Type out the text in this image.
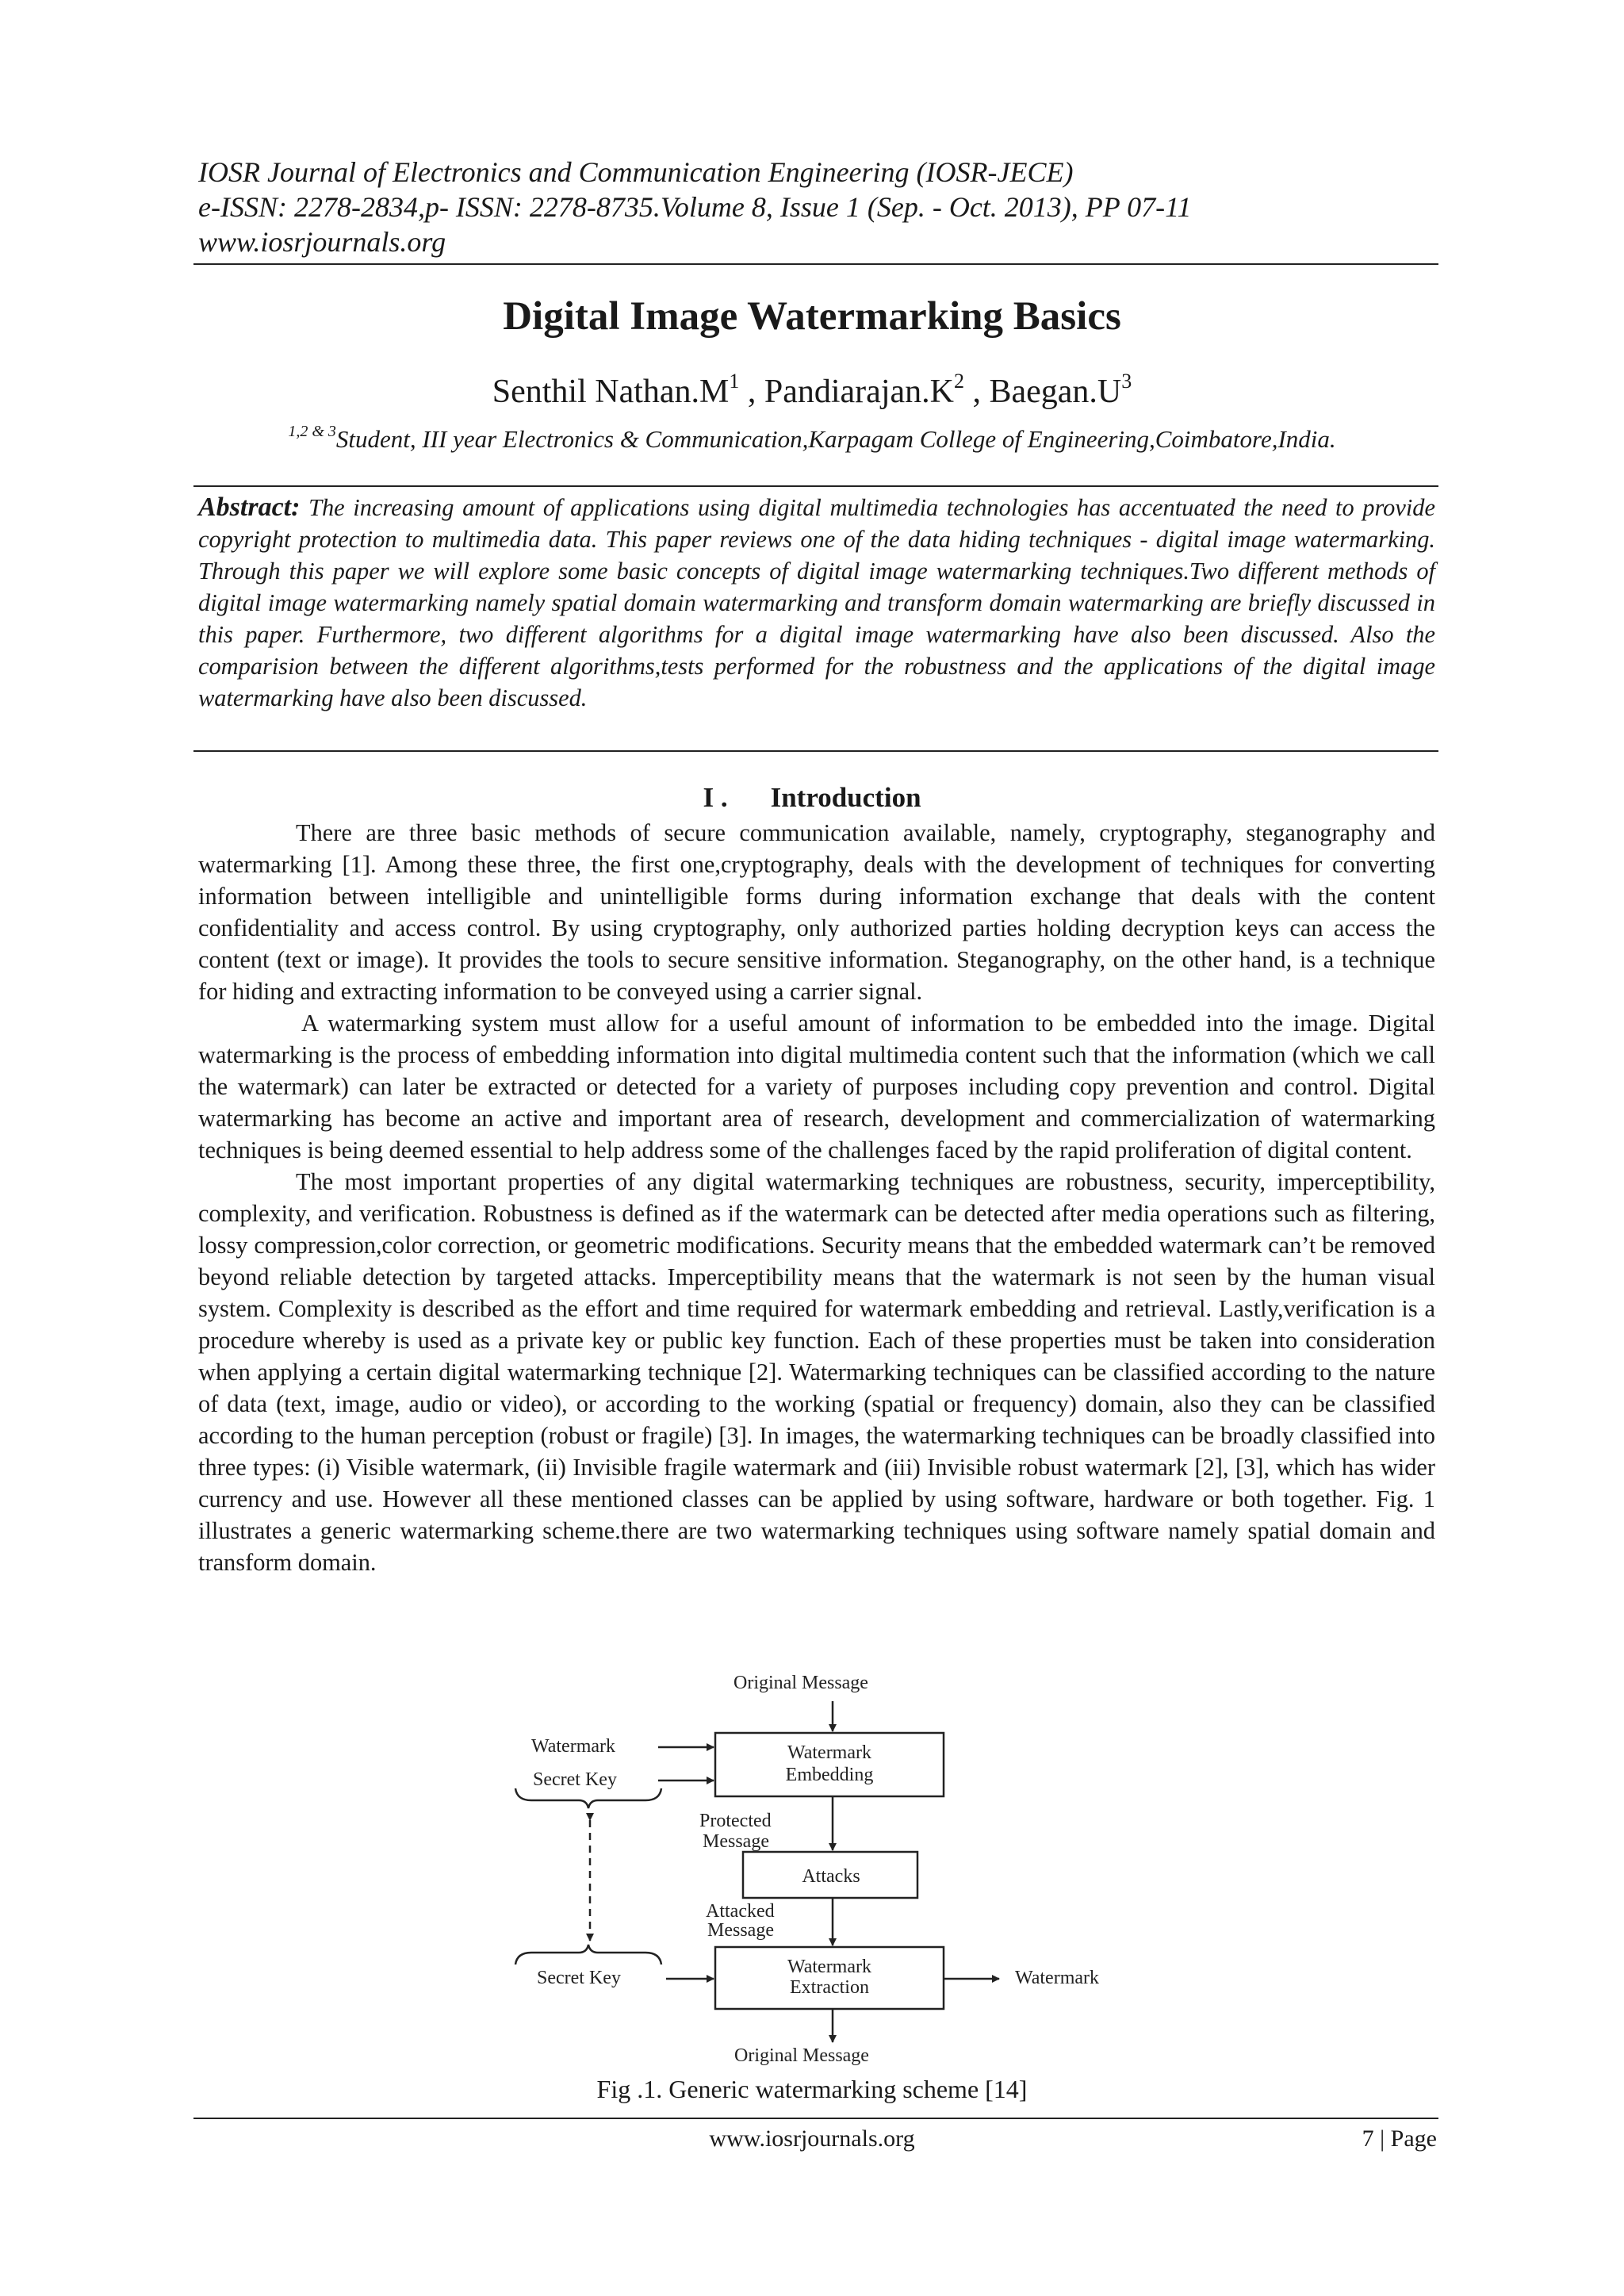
IOSR Journal of Electronics and Communication Engineering (IOSR-JECE)
e-ISSN: 2278-2834,p- ISSN: 2278-8735.Volume 8, Issue 1 (Sep. - Oct. 2013), PP 07-11
www.iosrjournals.org
Digital Image Watermarking Basics
Senthil $Nathan.M^1$ , $Pandiarajan.K^2$ , $Baegan.U^3$
$^{1,2 \& 3}$Student, III year Electronics & Communication,Karpagam College of Engineering,Coimbatore,India.
Abstract: The increasing amount of applications using digital multimedia technologies has accentuated the need to provide copyright protection to multimedia data. This paper reviews one of the data hiding techniques - digital image watermarking. Through this paper we will explore some basic concepts of digital image watermarking techniques.Two different methods of digital image watermarking namely spatial domain watermarking and transform domain watermarking are briefly discussed in this paper. Furthermore, two different algorithms for a digital image watermarking have also been discussed. Also the comparision between the different algorithms,tests performed for the robustness and the applications of the digital image watermarking have also been discussed.
I . Introduction

There are three basic methods of secure communication available, namely, cryptography, steganography and watermarking [1]. Among these three, the first one,cryptography, deals with the development of techniques for converting information between intelligible and unintelligible forms during information exchange that deals with the content confidentiality and access control. By using cryptography, only authorized parties holding decryption keys can access the content (text or image). It provides the tools to secure sensitive information. Steganography, on the other hand, is a technique for hiding and extracting information to be conveyed using a carrier signal.

A watermarking system must allow for a useful amount of information to be embedded into the image. Digital watermarking is the process of embedding information into digital multimedia content such that the information (which we call the watermark) can later be extracted or detected for a variety of purposes including copy prevention and control. Digital watermarking has become an active and important area of research, development and commercialization of watermarking techniques is being deemed essential to help address some of the challenges faced by the rapid proliferation of digital content.

The most important properties of any digital watermarking techniques are robustness, security, imperceptibility, complexity, and verification. Robustness is defined as if the watermark can be detected after media operations such as filtering, lossy compression,color correction, or geometric modifications. Security means that the embedded watermark can’t be removed beyond reliable detection by targeted attacks. Imperceptibility means that the watermark is not seen by the human visual system. Complexity is described as the effort and time required for watermark embedding and retrieval. Lastly,verification is a procedure whereby is used as a private key or public key function. Each of these properties must be taken into consideration when applying a certain digital watermarking technique [2]. Watermarking techniques can be classified according to the nature of data (text, image, audio or video), or according to the working (spatial or frequency) domain, also they can be classified according to the human perception (robust or fragile) [3]. In images, the watermarking techniques can be broadly classified into three types: (i) Visible watermark, (ii) Invisible fragile watermark and (iii) Invisible robust watermark [2], [3], which has wider currency and use. However all these mentioned classes can be applied by using software, hardware or both together. Fig. 1 illustrates a generic watermarking scheme.there are two watermarking techniques using software namely spatial domain and transform domain.

Original Message
Watermark
Secret Key
Watermark
Embedding
Protected
Message
Attacks
Attacked
Message
Secret Key
Watermark
Extraction	Watermark
Original Message
Fig .1. Generic watermarking scheme [14]
www.iosrjournals.org	7 | Page
